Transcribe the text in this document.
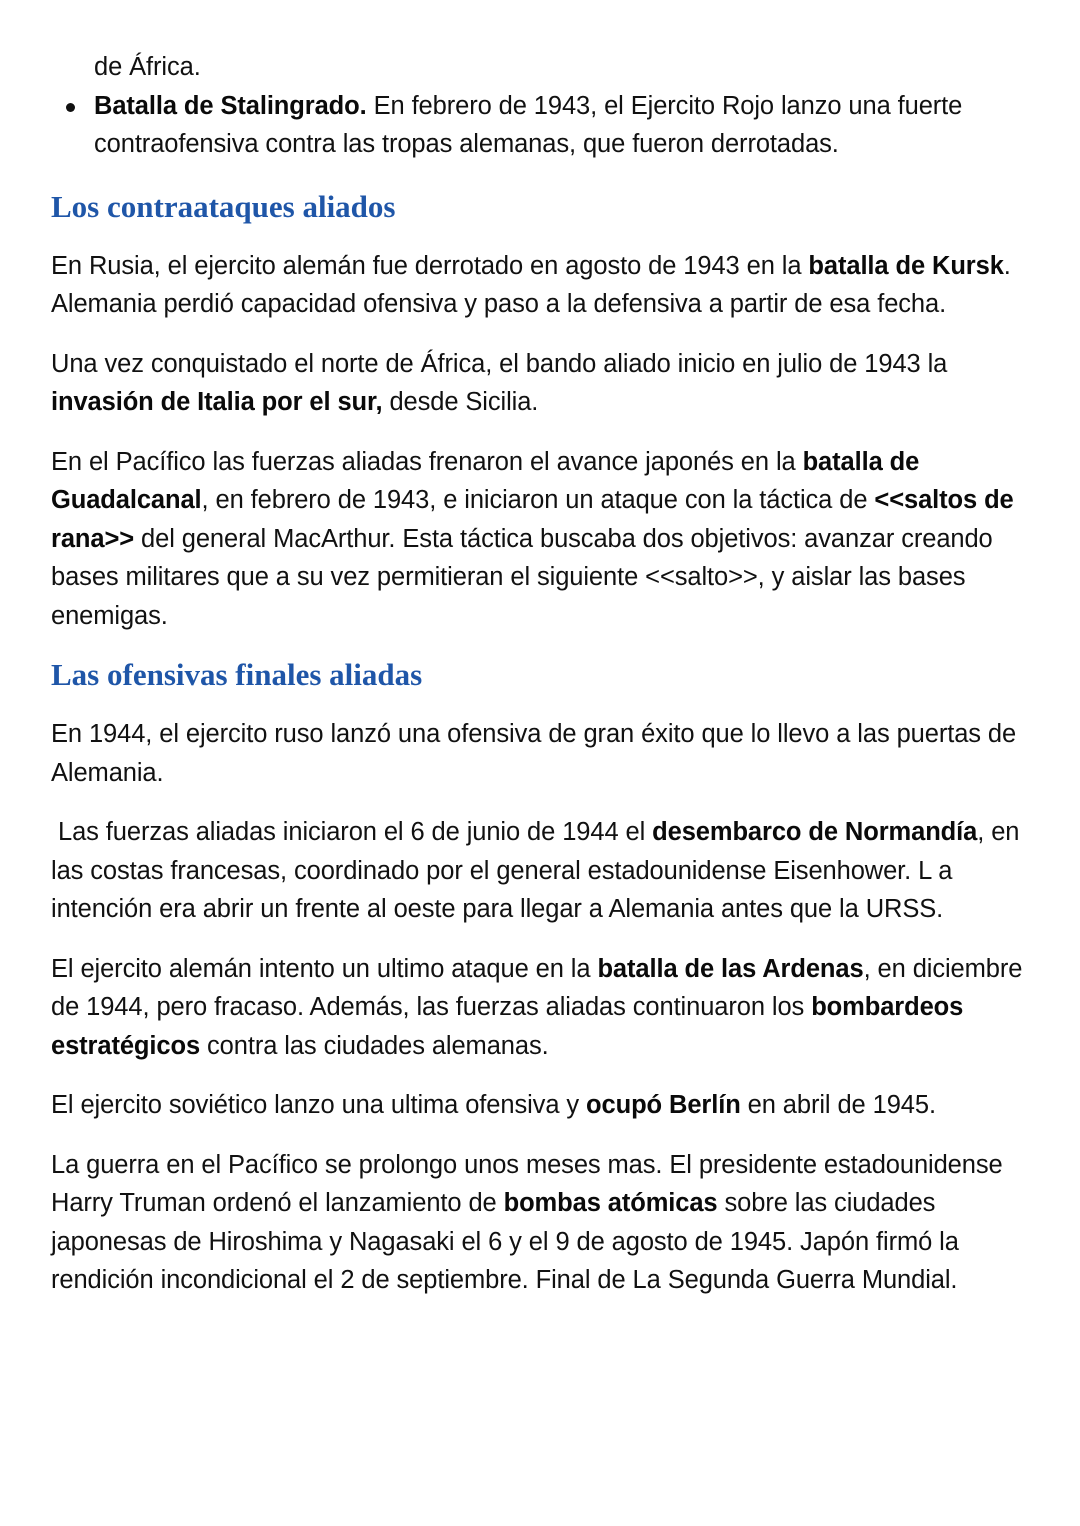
de África.
Batalla de Stalingrado. En febrero de 1943, el Ejercito Rojo lanzo una fuerte contraofensiva contra las tropas alemanas, que fueron derrotadas.
Los contraataques aliados

En Rusia, el ejercito alemán fue derrotado en agosto de 1943 en la batalla de Kursk. Alemania perdió capacidad ofensiva y paso a la defensiva a partir de esa fecha.

Una vez conquistado el norte de África, el bando aliado inicio en julio de 1943 la invasión de Italia por el sur, desde Sicilia.

En el Pacífico las fuerzas aliadas frenaron el avance japonés en la batalla de Guadalcanal, en febrero de 1943, e iniciaron un ataque con la táctica de <<saltos de rana>> del general MacArthur. Esta táctica buscaba dos objetivos: avanzar creando bases militares que a su vez permitieran el siguiente <<salto>>, y aislar las bases enemigas.

Las ofensivas finales aliadas

En 1944, el ejercito ruso lanzó una ofensiva de gran éxito que lo llevo a las puertas de Alemania.

Las fuerzas aliadas iniciaron el 6 de junio de 1944 el desembarco de Normandía, en las costas francesas, coordinado por el general estadounidense Eisenhower. L a intención era abrir un frente al oeste para llegar a Alemania antes que la URSS.

El ejercito alemán intento un ultimo ataque en la batalla de las Ardenas, en diciembre de 1944, pero fracaso. Además, las fuerzas aliadas continuaron los bombardeos estratégicos contra las ciudades alemanas.

El ejercito soviético lanzo una ultima ofensiva y ocupó Berlín en abril de 1945.

La guerra en el Pacífico se prolongo unos meses mas. El presidente estadounidense Harry Truman ordenó el lanzamiento de bombas atómicas sobre las ciudades japonesas de Hiroshima y Nagasaki el 6 y el 9 de agosto de 1945. Japón firmó la rendición incondicional el 2 de septiembre. Final de La Segunda Guerra Mundial.
